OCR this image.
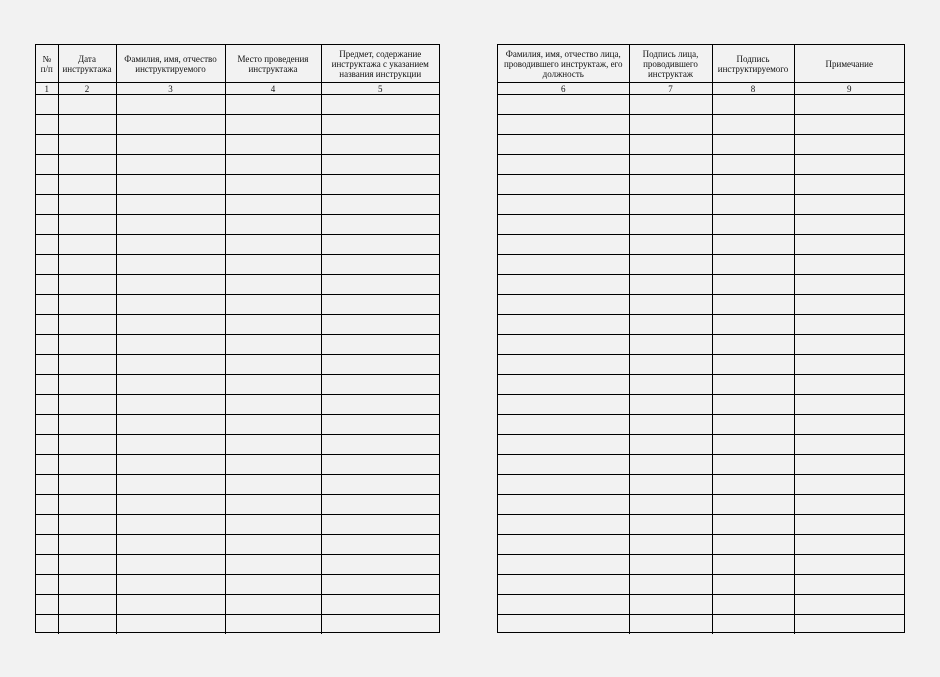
№ п/п	Дата инструктажа	Фамилия, имя, отчество инструктируемого	Место проведения инструктажа	Предмет, содержание инструктажа с указанием названия инструкции
1	2	3	4	5

Фамилия, имя, отчество лица, проводившего инструктаж, его должность	Подпись лица, проводившего инструктаж	Подпись инструктируемого	Примечание
6	7	8	9
